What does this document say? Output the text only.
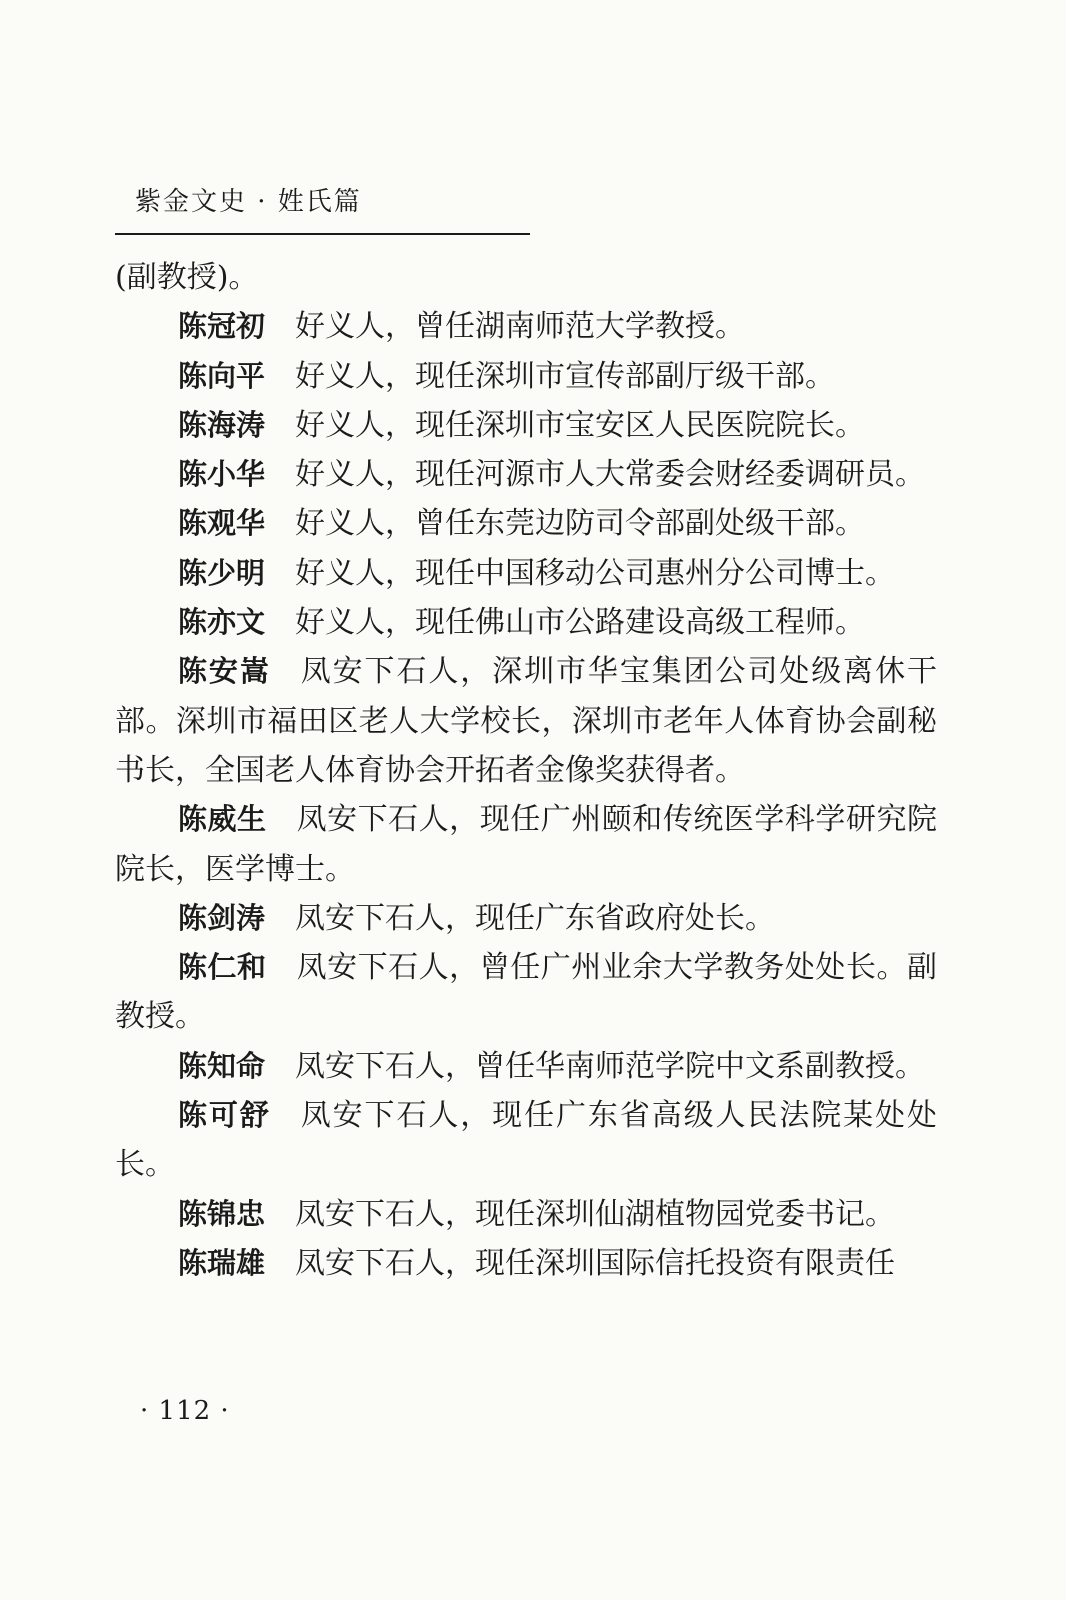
紫金文史 · 姓氏篇

(副教授)。

陈冠初 好义人，曾任湖南师范大学教授。

陈向平 好义人，现任深圳市宣传部副厅级干部。

陈海涛 好义人，现任深圳市宝安区人民医院院长。

陈小华 好义人，现任河源市人大常委会财经委调研员。

陈观华 好义人，曾任东莞边防司令部副处级干部。

陈少明 好义人，现任中国移动公司惠州分公司博士。

陈亦文 好义人，现任佛山市公路建设高级工程师。

陈安嵩 凤安下石人，深圳市华宝集团公司处级离休干部。深圳市福田区老人大学校长，深圳市老年人体育协会副秘书长，全国老人体育协会开拓者金像奖获得者。

陈威生 凤安下石人，现任广州颐和传统医学科学研究院院长，医学博士。

陈剑涛 凤安下石人，现任广东省政府处长。

陈仁和 凤安下石人，曾任广州业余大学教务处处长。副教授。

陈知命 凤安下石人，曾任华南师范学院中文系副教授。

陈可舒 凤安下石人，现任广东省高级人民法院某处处长。

陈锦忠 凤安下石人，现任深圳仙湖植物园党委书记。

陈瑞雄 凤安下石人，现任深圳国际信托投资有限责任

· 112 ·
